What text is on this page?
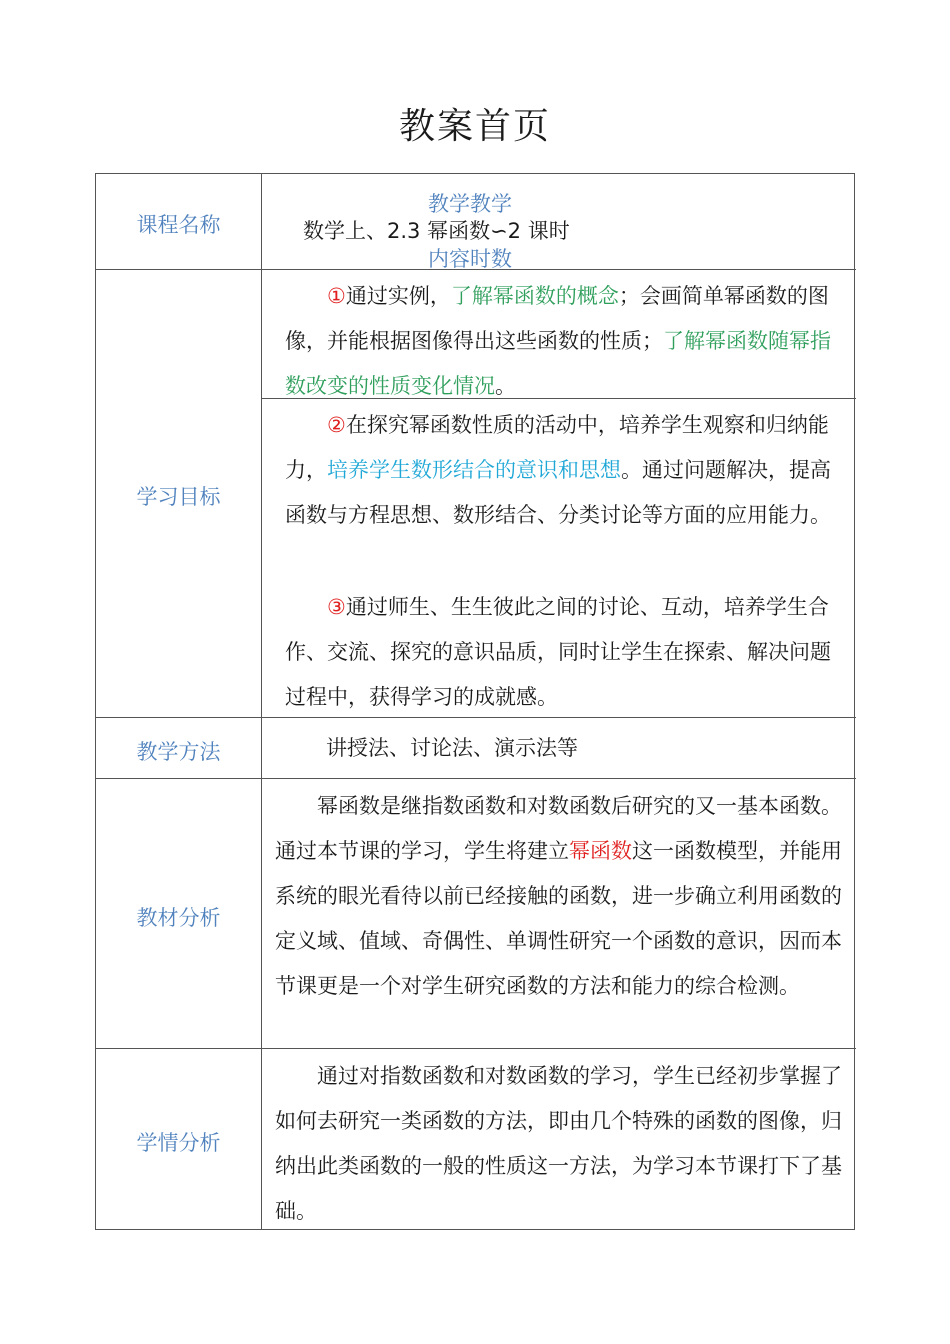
教案首页
课程名称
教学教学
数学上、2.3 幂函数∽2 课时
内容时数
学习目标
①通过实例，了解幂函数的概念；会画简单幂函数的图像，并能根据图像得出这些函数的性质；了解幂函数随幂指数改变的性质变化情况。
②在探究幂函数性质的活动中，培养学生观察和归纳能力，培养学生数形结合的意识和思想。通过问题解决，提高函数与方程思想、数形结合、分类讨论等方面的应用能力。
③通过师生、生生彼此之间的讨论、互动，培养学生合作、交流、探究的意识品质，同时让学生在探索、解决问题过程中，获得学习的成就感。
教学方法	讲授法、讨论法、演示法等
教材分析
幂函数是继指数函数和对数函数后研究的又一基本函数。通过本节课的学习，学生将建立幂函数这一函数模型，并能用系统的眼光看待以前已经接触的函数，进一步确立利用函数的定义域、值域、奇偶性、单调性研究一个函数的意识，因而本节课更是一个对学生研究函数的方法和能力的综合检测。
学情分析
通过对指数函数和对数函数的学习，学生已经初步掌握了如何去研究一类函数的方法，即由几个特殊的函数的图像，归纳出此类函数的一般的性质这一方法，为学习本节课打下了基础。
